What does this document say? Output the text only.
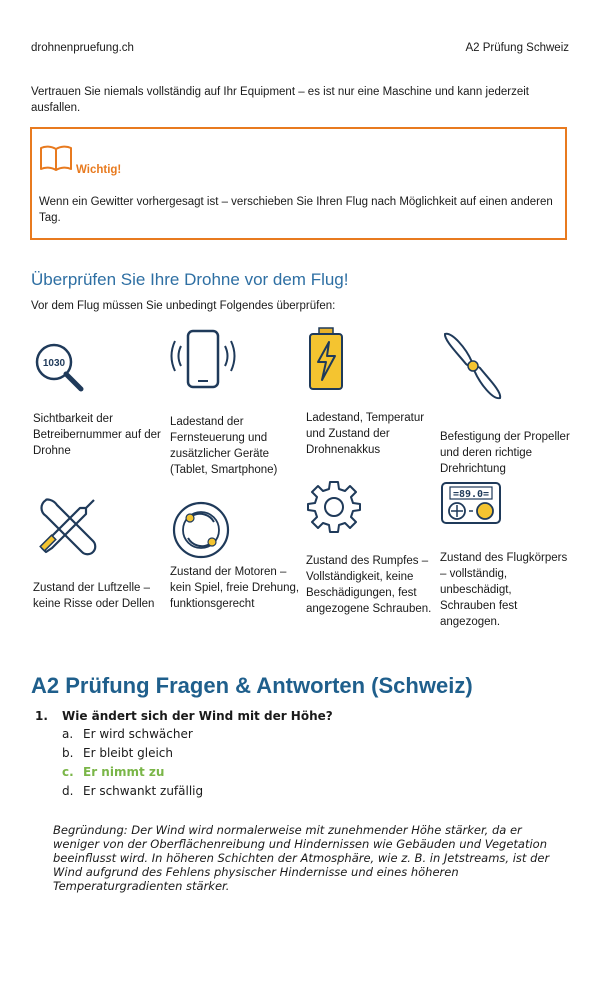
drohnenpruefung.ch	A2 Prüfung Schweiz
Vertrauen Sie niemals vollständig auf Ihr Equipment – es ist nur eine Maschine und kann jederzeit ausfallen.
Wichtig!
Wenn ein Gewitter vorhergesagt ist – verschieben Sie Ihren Flug nach Möglichkeit auf einen anderen Tag.
Überprüfen Sie Ihre Drohne vor dem Flug!
Vor dem Flug müssen Sie unbedingt Folgendes überprüfen:
1030
Sichtbarkeit der Betreibernummer auf der Drohne
Ladestand der Fernsteuerung und zusätzlicher Geräte (Tablet, Smartphone)
Ladestand, Temperatur und Zustand der Drohnenakkus
Befestigung der Propeller und deren richtige Drehrichtung
=89.0=
Zustand der Luftzelle – keine Risse oder Dellen
Zustand der Motoren – kein Spiel, freie Drehung, funktionsgerecht
Zustand des Rumpfes – Vollständigkeit, keine Beschädigungen, fest angezogene Schrauben.
Zustand des Flugkörpers – vollständig, unbeschädigt, Schrauben fest angezogen.
A2 Prüfung Fragen & Antworten (Schweiz)
1. Wie ändert sich der Wind mit der Höhe?
a. Er wird schwächer
b. Er bleibt gleich
c. Er nimmt zu
d. Er schwankt zufällig
Begründung: Der Wind wird normalerweise mit zunehmender Höhe stärker, da er weniger von der Oberflächenreibung und Hindernissen wie Gebäuden und Vegetation beeinflusst wird. In höheren Schichten der Atmosphäre, wie z. B. in Jetstreams, ist der Wind aufgrund des Fehlens physischer Hindernisse und eines höheren Temperaturgradienten stärker.
